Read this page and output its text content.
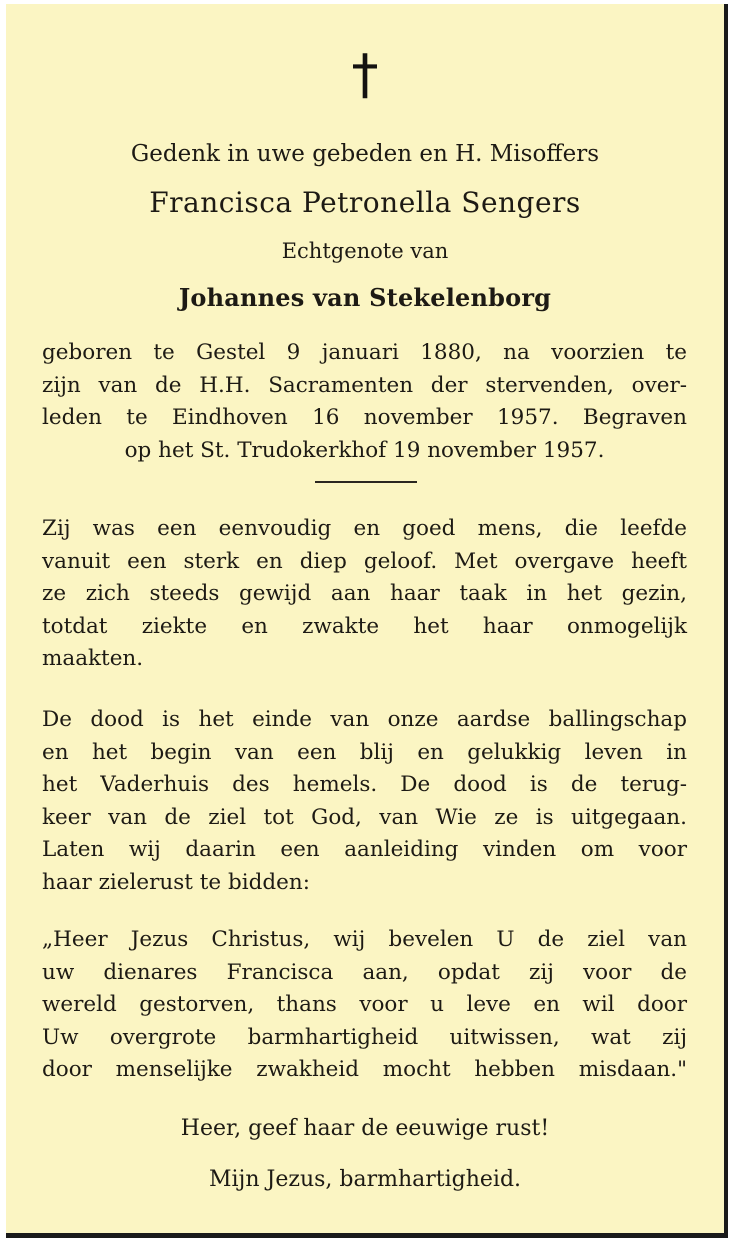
†
Gedenk in uwe gebeden en H. Misoffers
Francisca Petronella Sengers
Echtgenote van
Johannes van Stekelenborg
geboren te Gestel 9 januari 1880, na voorzien te
zijn van de H.H. Sacramenten der stervenden, over-
leden te Eindhoven 16 november 1957. Begraven
op het St. Trudokerkhof 19 november 1957.
Zij was een eenvoudig en goed mens, die leefde
vanuit een sterk en diep geloof. Met overgave heeft
ze zich steeds gewijd aan haar taak in het gezin,
totdat ziekte en zwakte het haar onmogelijk
maakten.
De dood is het einde van onze aardse ballingschap
en het begin van een blij en gelukkig leven in
het Vaderhuis des hemels. De dood is de terug-
keer van de ziel tot God, van Wie ze is uitgegaan.
Laten wij daarin een aanleiding vinden om voor
haar zielerust te bidden:
„Heer Jezus Christus, wij bevelen U de ziel van
uw dienares Francisca aan, opdat zij voor de
wereld gestorven, thans voor u leve en wil door
Uw overgrote barmhartigheid uitwissen, wat zij
door menselijke zwakheid mocht hebben misdaan."
Heer, geef haar de eeuwige rust!
Mijn Jezus, barmhartigheid.
